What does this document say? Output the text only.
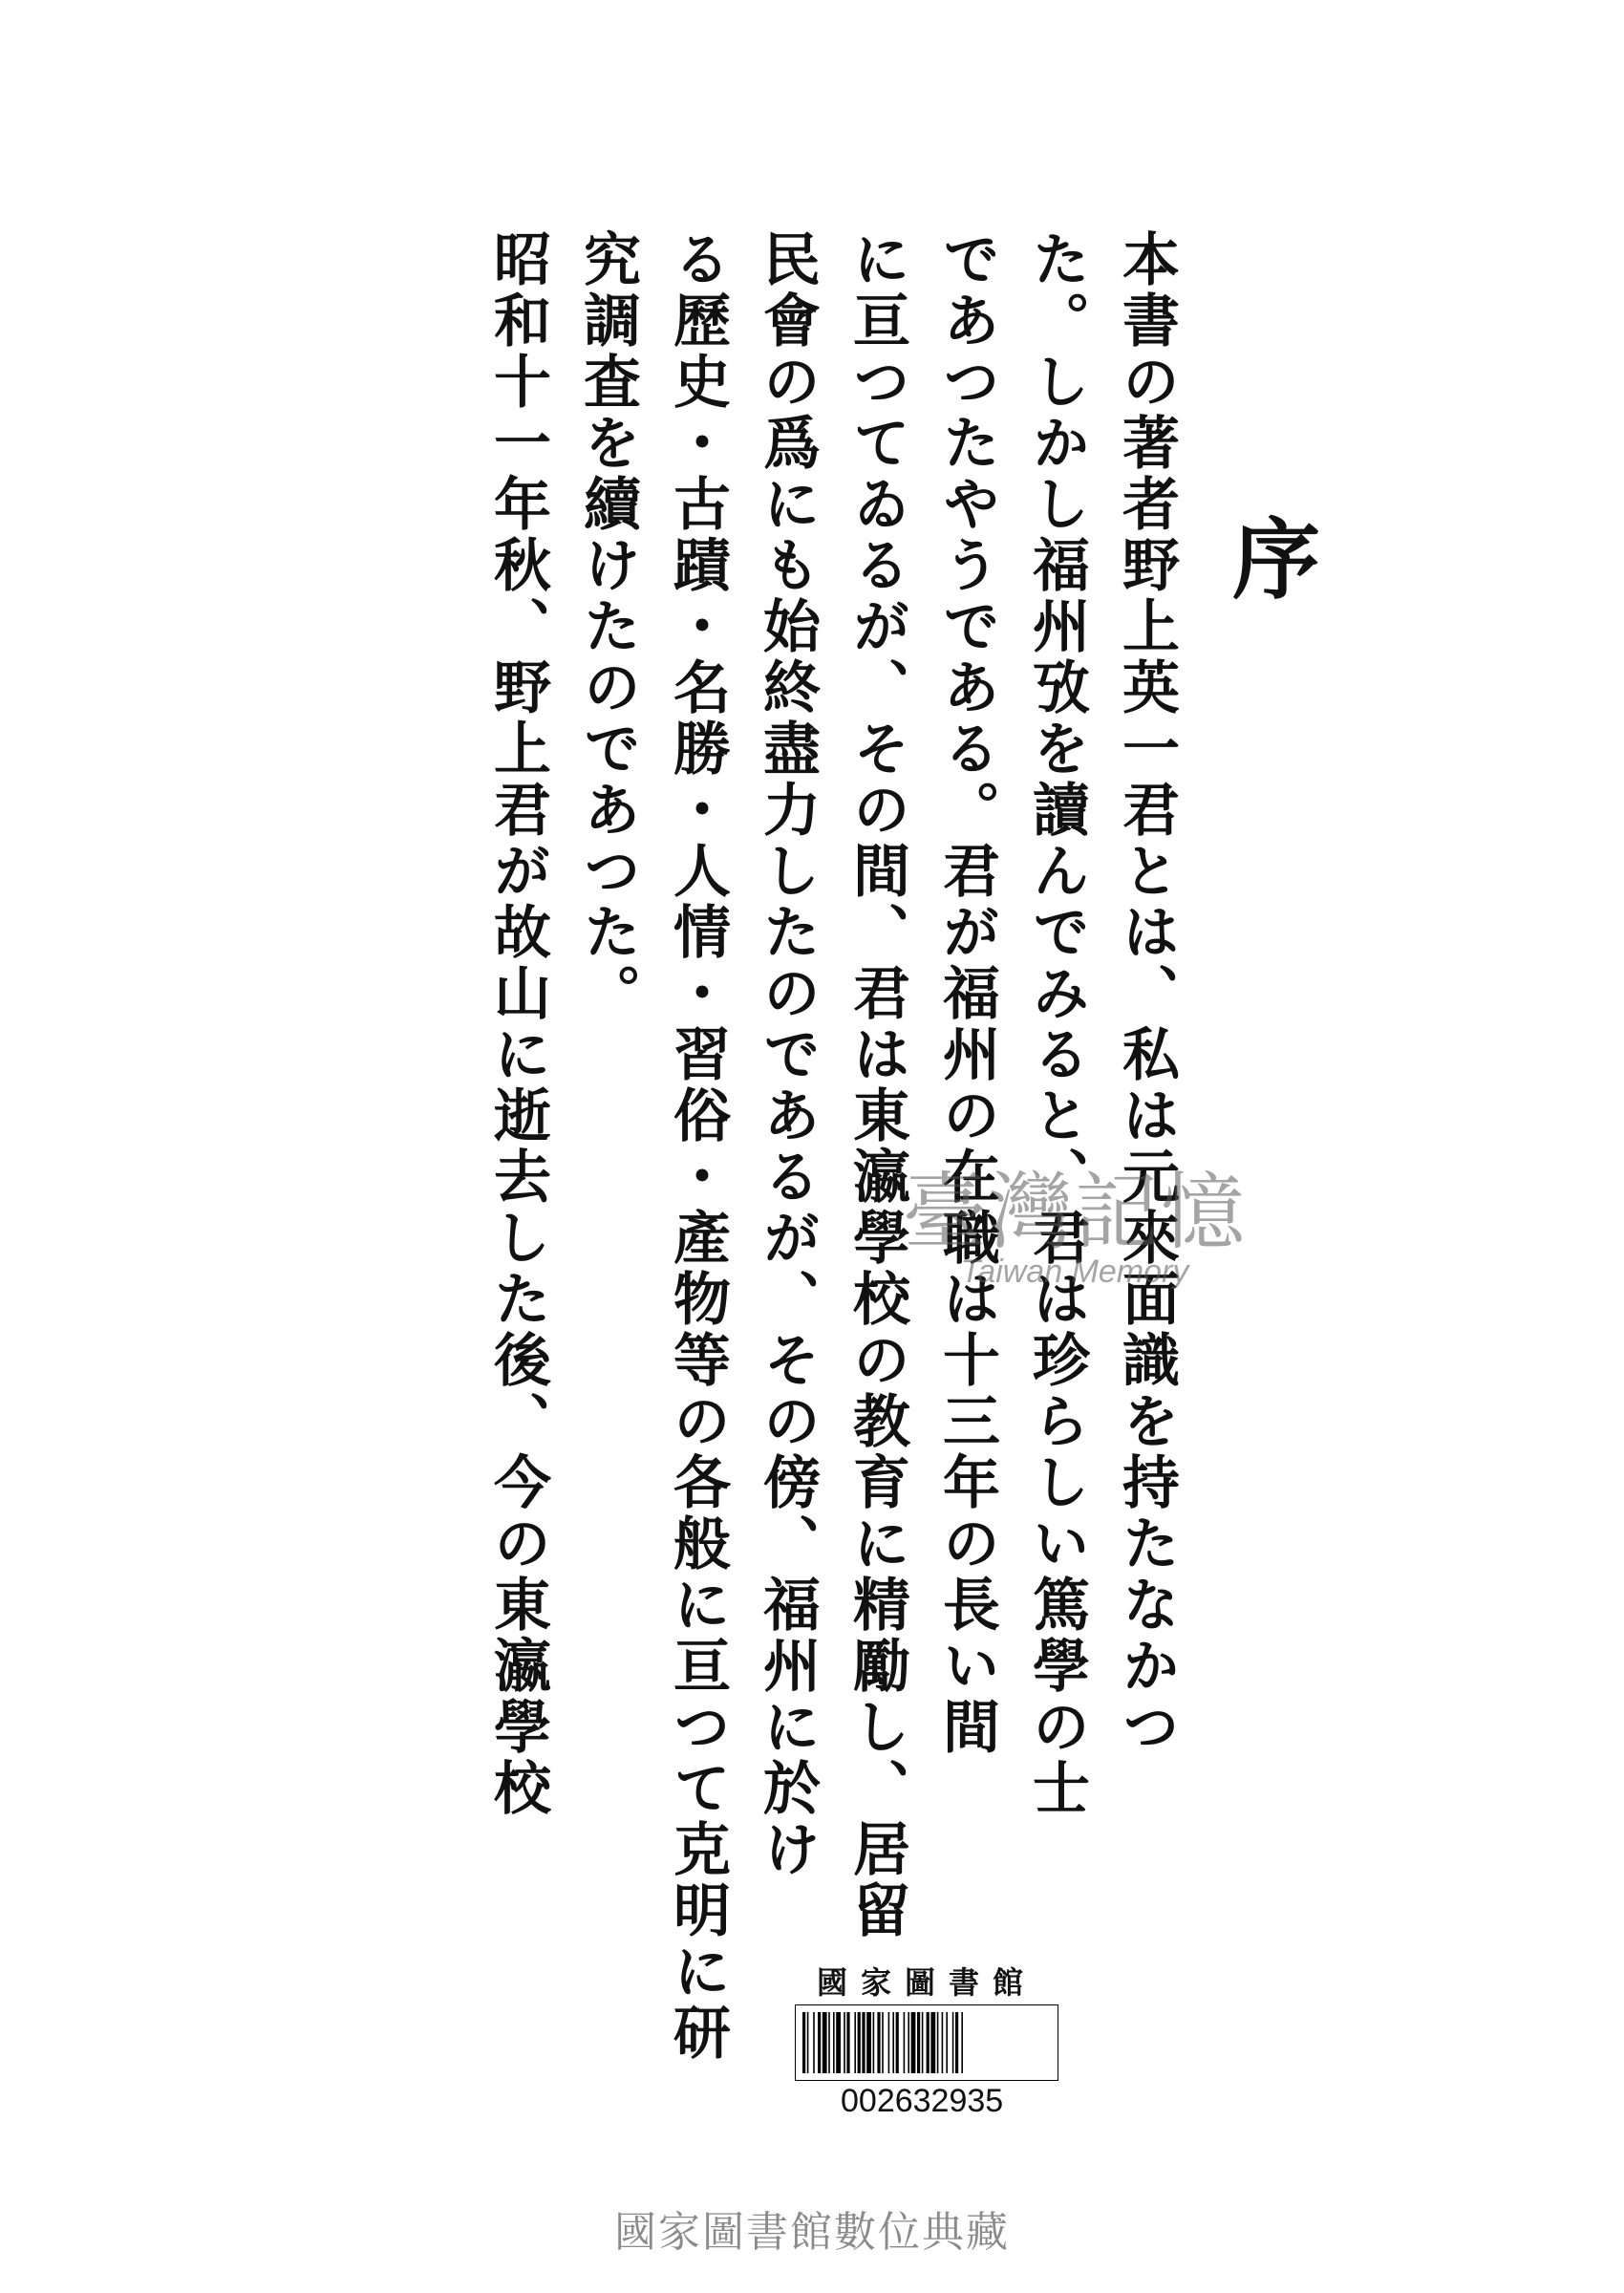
序
本書の著者野上英一君とは、私は元來面識を持たなかつ
た。しかし福州攷を讀んでみると、君は珍らしい篤學の士
であつたやうである。君が福州の在職は十三年の長い間
に亘つてゐるが、その間、君は東瀛學校の教育に精勵し、居留
民會の爲にも始終盡力したのであるが、その傍、福州に於け
る歷史・古蹟・名勝・人情・習俗・產物等の各般に亘つて克明に研
究調査を續けたのであつた。
昭和十一年秋、野上君が故山に逝去した後、今の東瀛學校	臺灣記憶
Taiwan Memory
國家圖書館
002632935
國家圖書館數位典藏
